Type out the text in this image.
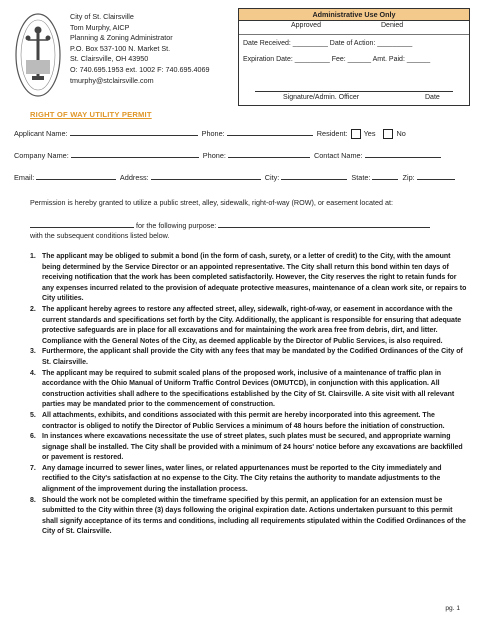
City of St. Clairsville
Tom Murphy, AICP
Planning & Zoning Administrator
P.O. Box 537-100 N. Market St.
St. Clairsville, OH 43950
O: 740.695.1953 ext. 1002 F: 740.695.4069
tmurphy@stclairsville.com
Administrative Use Only
Approved	Denied
Date Received: _________ Date of Action: _________
Expiration Date: _________ Fee: ______ Amt. Paid: ______
Signature/Admin. Officer	Date
RIGHT OF WAY UTILITY PERMIT
Applicant Name:	Phone:	Resident: Yes	No
Company Name:	Phone:	Contact Name:
Email:	Address:	City:	State:	Zip:
Permission is hereby granted to utilize a public street, alley, sidewalk, right-of-way (ROW), or easement located at:
for the following purpose:
with the subsequent conditions listed below.
1. The applicant may be obliged to submit a bond (in the form of cash, surety, or a letter of credit) to the City, with the amount being determined by the Service Director or an appointed representative. The City shall return this bond within ten days of receiving notification that the work has been completed satisfactorily. However, the City reserves the right to retain funds for any expenses incurred related to the provision of adequate protective measures, maintenance of a clean work site, or repairs to City utilities.
2. The applicant hereby agrees to restore any affected street, alley, sidewalk, right-of-way, or easement in accordance with the current standards and specifications set forth by the City. Additionally, the applicant is responsible for ensuring that adequate protective safeguards are in place for all excavations and for maintaining the work area free from debris, dirt, and litter. Compliance with the General Notes of the City, as deemed applicable by the Director of Public Services, is also required.
3. Furthermore, the applicant shall provide the City with any fees that may be mandated by the Codified Ordinances of the City of St. Clairsville.
4. The applicant may be required to submit scaled plans of the proposed work, inclusive of a maintenance of traffic plan in accordance with the Ohio Manual of Uniform Traffic Control Devices (OMUTCD), in conjunction with this application. All construction activities shall adhere to the specifications established by the City of St. Clairsville. A site visit with all relevant parties may be mandated prior to the commencement of construction.
5. All attachments, exhibits, and conditions associated with this permit are hereby incorporated into this agreement. The contractor is obliged to notify the Director of Public Services a minimum of 48 hours before the initiation of construction.
6. In instances where excavations necessitate the use of street plates, such plates must be secured, and appropriate warning signage shall be installed. The City shall be provided with a minimum of 24 hours' notice before any excavations are backfilled or pavement is restored.
7. Any damage incurred to sewer lines, water lines, or related appurtenances must be reported to the City immediately and rectified to the City's satisfaction at no expense to the City. The City retains the authority to mandate adjustments to the alignment of the improvement during the installation process.
8. Should the work not be completed within the timeframe specified by this permit, an application for an extension must be submitted to the City within three (3) days following the original expiration date. Actions undertaken pursuant to this permit shall signify acceptance of its terms and conditions, including all requirements stipulated within the Codified Ordinances of the City of St. Clairsville.
pg. 1
